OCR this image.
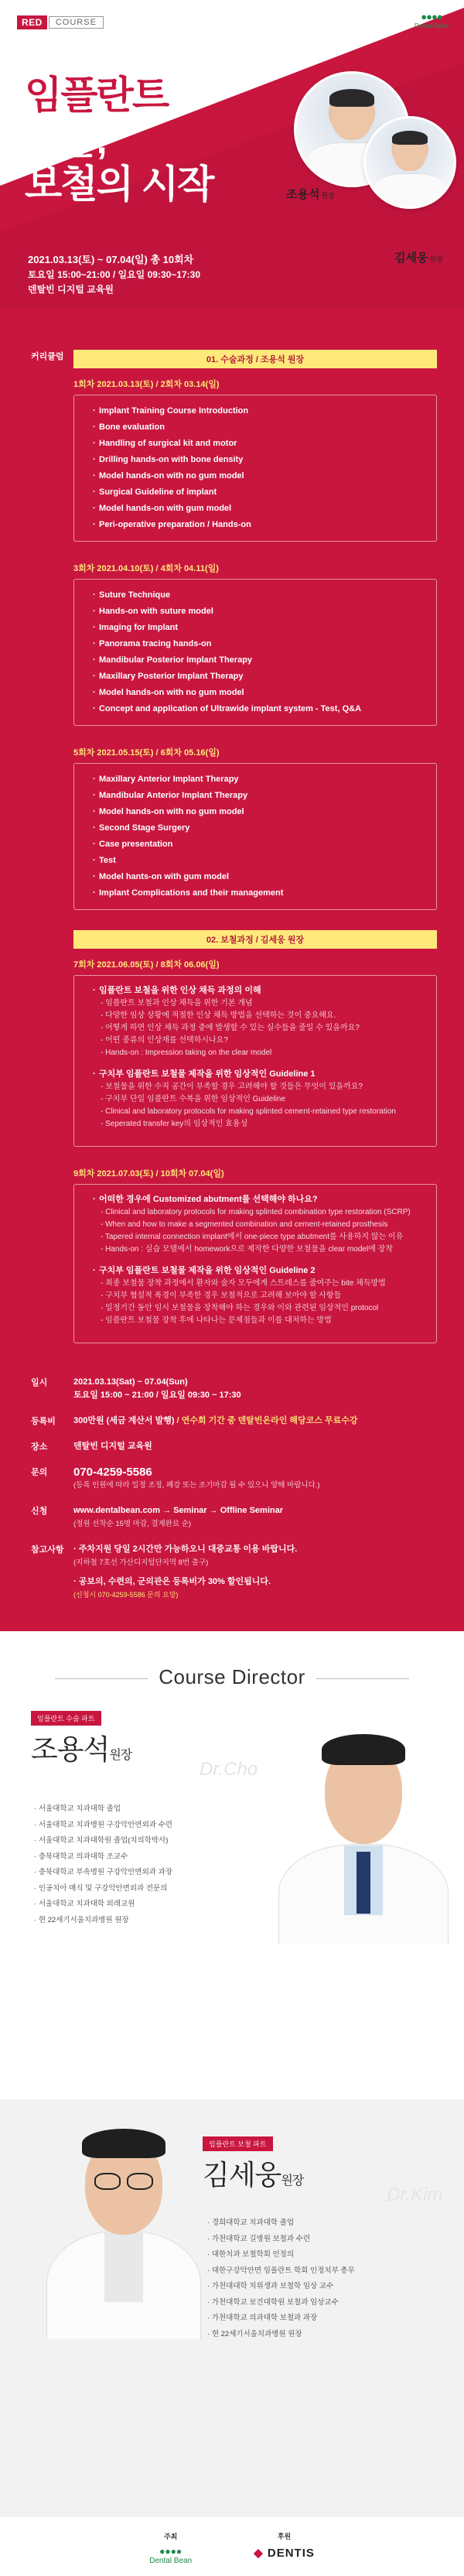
RED	COURSE	●●●●
Dental Bean
임플란트
수술,
보철의 시작	조용석 원장
김세웅 원장
2021.03.13(토) ~ 07.04(일) 총 10회차
토요일 15:00~21:00 / 일요일 09:30~17:30
덴탈빈 디지털 교육원
커리큘럼	01. 수술과정 / 조용석 원장
1회차 2021.03.13(토) / 2회차 03.14(일)
· Implant Training Course Introduction
· Bone evaluation
· Handling of surgical kit and motor
· Drilling hands-on with bone density
· Model hands-on with no gum model
· Surgical Guideline of implant
· Model hands-on with gum model
· Peri-operative preparation / Hands-on
3회차 2021.04.10(토) / 4회차 04.11(일)
· Suture Technique
· Hands-on with suture model
· Imaging for Implant
· Panorama tracing hands-on
· Mandibular Posterior Implant Therapy
· Maxillary Posterior Implant Therapy
· Model hands-on with no gum model
· Concept and application of Ultrawide implant system - Test, Q&A
5회차 2021.05.15(토) / 6회차 05.16(일)
· Maxillary Anterior Implant Therapy
· Mandibular Anterior Implant Therapy
· Model hands-on with no gum model
· Second Stage Surgery
· Case presentation
· Test
· Model hants-on with gum model
· Implant Complications and their management
02. 보철과정 / 김세웅 원장
7회차 2021.06.05(토) / 8회차 06.06(일)
· 임플란트 보철을 위한 인상 채득 과정의 이해
- 임플란트 보철과 인상 채득을 위한 기본 개념
- 다양한 임상 상황에 적절한 인상 채득 방법을 선택하는 것이 중요해요.
- 어떻게 하면 인상 채득 과정 중에 발생할 수 있는 실수들을 줄일 수 있을까요?
- 어떤 종류의 인상재를 선택하시나요?
- Hands-on : Impression taking on the clear model
· 구치부 임플란트 보철물 제작을 위한 임상적인 Guideline 1
- 보철물을 위한 수직 공간이 부족할 경우 고려해야 할 것들은 무엇이 있을까요?
- 구치부 단일 임플란트 수복을 위한 임상적인 Guideline
- Clinical and laboratory protocols for making splinted cement-retained type restoration
- Seperated transfer key의 임상적인 효용성
9회차 2021.07.03(토) / 10회차 07.04(일)
· 어떠한 경우에 Customized abutment를 선택해야 하나요?
- Clinical and laboratory protocols for making splinted combination type restoration (SCRP)
- When and how to make a segmented combination and cement-retained prosthesis
- Tapered internal connection implant에서 one-piece type abutment를 사용하지 않는 이유
- Hands-on : 실습 모델에서 homework으로 제작한 다양한 보철물을 clear model에 장착
· 구치부 임플란트 보철물 제작을 위한 임상적인 Guideline 2
- 최종 보철물 장착 과정에서 환자와 술자 모두에게 스트레스를 줄여주는 bite 채득방법
- 구치부 협설적 폭경이 부족한 경우 보철적으로 고려해 보아야 할 사항들
- 일정기간 동안 임시 보철물을 장착해야 하는 경우와 이와 관련된 임상적인 protocol
- 임플란트 보철물 장착 후에 나타나는 문제점들과 이를 대처하는 방법
일시	2021.03.13(Sat) ~ 07.04(Sun)
토요일 15:00 ~ 21:00 / 일요일 09:30 ~ 17:30
등록비	300만원 (세금 계산서 발행) / 연수회 기간 중 덴탈빈온라인 해당코스 무료수강
장소	덴탈빈 디지털 교육원
문의	070-4259-5586
(등록 인원에 따라 일정 조정, 폐강 또는 조기마감 될 수 있으니 양해 바랍니다.)
신청	www.dentalbean.com → Seminar → Offline Seminar
(정원 선착순 15명 마감, 결제완료 순)
참고사항	· 주차지원 당일 2시간만 가능하오니 대중교통 이용 바랍니다.
(지하철 7호선 가산디지털단지역 8번 출구)
· 공보의, 수련의, 군의관은 등록비가 30% 할인됩니다.
(신청시 070-4259-5586 문의 요망)
Course Director
임플란트 수술 파트
조용석원장
Dr.Cho
· 서울대학교 치과대학 졸업
· 서울대학교 치과병원 구강악안면외과 수련
· 서울대학교 치과대학원 졸업(치의학박사)
· 충북대학교 의과대학 조교수
· 충북대학교 부속병원 구강악안면외과 과장
· 인공치아 매식 및 구강악안면외과 전문의
· 서울대학교 치과대학 외래교원
· 현 22세기서울치과병원 원장
임플란트 보철 파트
김세웅원장
Dr.Kim
· 경희대학교 치과대학 졸업
· 가천대학교 길병원 보철과 수련
· 대한치과 보철학회 인정의
· 대한구강악안면 임플란트 학회 인정치부 총무
· 가천대대학 치위생과 보철학 임상 교수
· 가천대학교 보건대학원 보철과 임상교수
· 가천대학교 의과대학 보철과 과장
· 현 22세기서울치과병원 원장
주최
●●●●
Dental Bean
후원
◆ DENTIS
